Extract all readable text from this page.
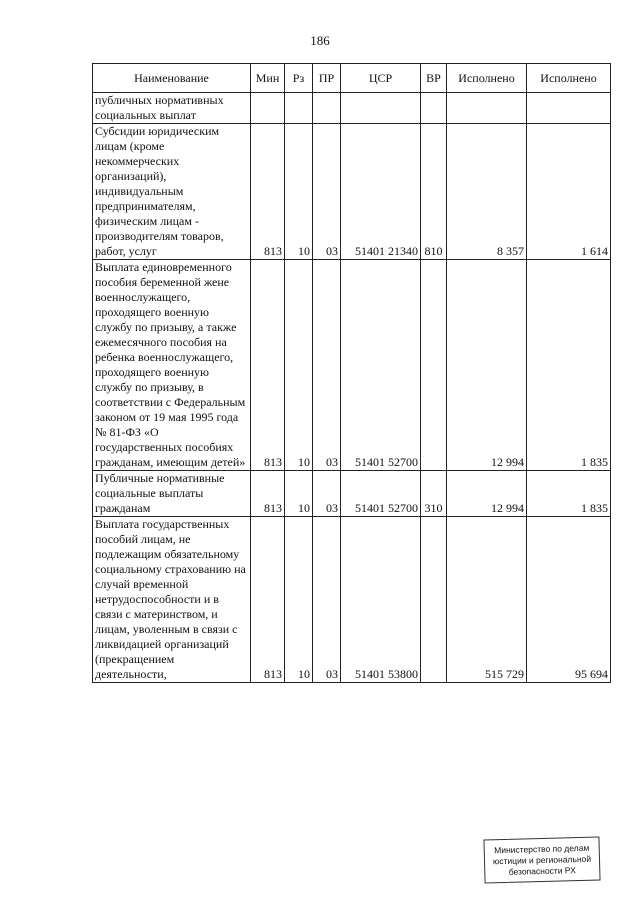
186
Наименование	Мин	Рз	ПР	ЦСР	ВР	Исполнено	Исполнено
публичных нормативных социальных выплат							
Субсидии юридическим лицам (кроме некоммерческих организаций), индивидуальным предпринимателям, физическим лицам - производителям товаров, работ, услуг	813	10	03	51401 21340	810	8 357	1 614
Выплата единовременного пособия беременной жене военнослужащего, проходящего военную службу по призыву, а также ежемесячного пособия на ребенка военнослужащего, проходящего военную службу по призыву, в соответствии с Федеральным законом от 19 мая 1995 года № 81-ФЗ «О государственных пособиях гражданам, имеющим детей»	813	10	03	51401 52700		12 994	1 835
Публичные нормативные социальные выплаты гражданам	813	10	03	51401 52700	310	12 994	1 835
Выплата государственных пособий лицам, не подлежащим обязательному социальному страхованию на случай временной нетрудоспособности и в связи с материнством, и лицам, уволенным в связи с ликвидацией организаций (прекращением деятельности,	813	10	03	51401 53800		515 729	95 694
Министерство по делам
юстиции и региональной
безопасности РХ
